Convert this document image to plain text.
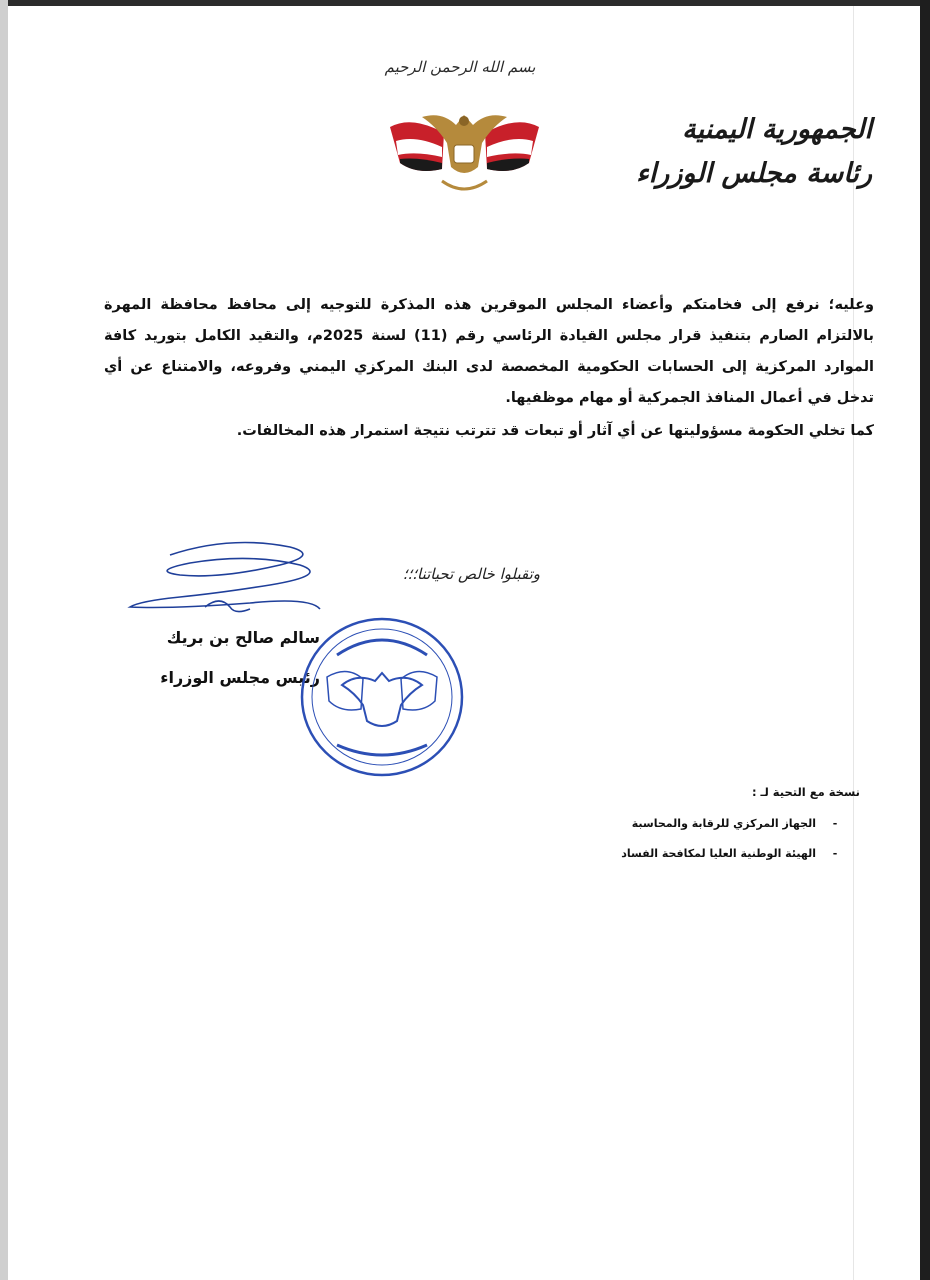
بسم الله الرحمن الرحيم
الجمهورية اليمنية
رئاسة مجلس الوزراء

وعليه؛ نرفع إلى فخامتكم وأعضاء المجلس الموقرين هذه المذكرة للتوجيه إلى محافظ محافظة المهرة بالالتزام الصارم بتنفيذ قرار مجلس القيادة الرئاسي رقم (11) لسنة 2025م، والتقيد الكامل بتوريد كافة الموارد المركزية إلى الحسابات الحكومية المخصصة لدى البنك المركزي اليمني وفروعه، والامتناع عن أي تدخل في أعمال المنافذ الجمركية أو مهام موظفيها.

كما تخلي الحكومة مسؤوليتها عن أي آثار أو تبعات قد تترتب نتيجة استمرار هذه المخالفات.

وتقبلوا خالص تحياتنا؛؛؛
سالم صالح بن بريك
رئيس مجلس الوزراء
نسخة مع التحية لـ :
-
الجهاز المركزي للرقابة والمحاسبة
-
الهيئة الوطنية العليا لمكافحة الفساد
